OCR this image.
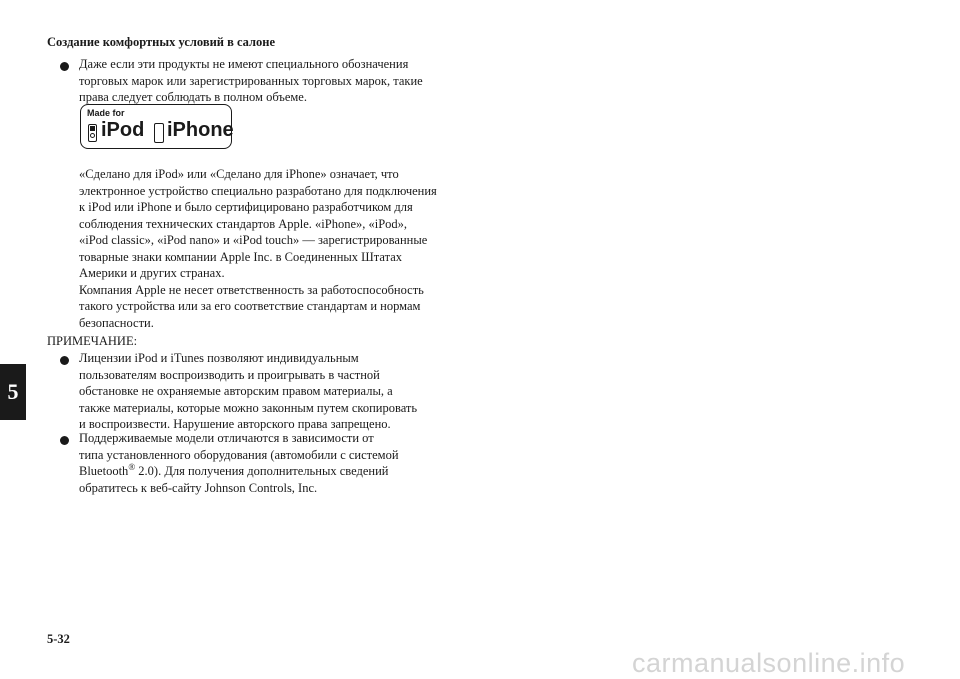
Создание комфортных условий в салоне
Даже если эти продукты не имеют специального обозначения
торговых марок или зарегистрированных торговых марок, такие
права следует соблюдать в полном объеме.
Made for
iPod iPhone
«Сделано для iPod» или «Сделано для iPhone» означает, что
электронное устройство специально разработано для подключения
к iPod или iPhone и было сертифицировано разработчиком для
соблюдения технических стандартов Apple. «iPhone», «iPod»,
«iPod classic», «iPod nano» и «iPod touch» — зарегистрированные
товарные знаки компании Apple Inc. в Соединенных Штатах
Америки и других странах.
Компания Apple не несет ответственность за работоспособность
такого устройства или за его соответствие стандартам и нормам
безопасности.
ПРИМЕЧАНИЕ:
Лицензии iPod и iTunes позволяют индивидуальным
пользователям воспроизводить и проигрывать в частной
обстановке не охраняемые авторским правом материалы, а
также материалы, которые можно законным путем скопировать
и воспроизвести. Нарушение авторского права запрещено.
Поддерживаемые модели отличаются в зависимости от
типа установленного оборудования (автомобили с системой
Bluetooth® 2.0). Для получения дополнительных сведений
обратитесь к веб-сайту Johnson Controls, Inc.
5
5-32
carmanualsonline.info
